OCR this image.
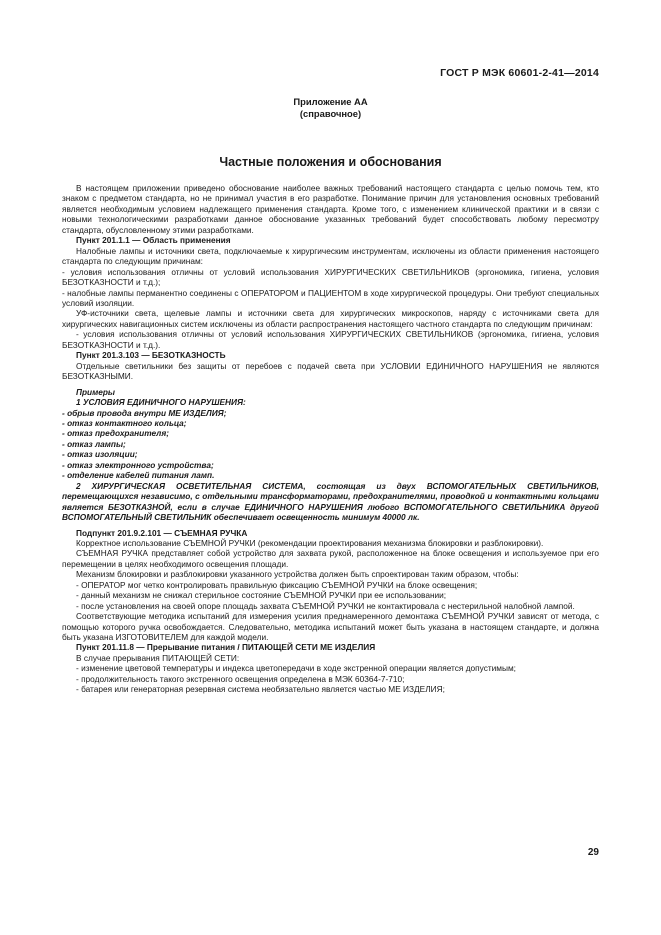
ГОСТ Р МЭК 60601-2-41—2014
Приложение АА
(справочное)
Частные положения и обоснования

В настоящем приложении приведено обоснование наиболее важных требований настоящего стандарта с целью помочь тем, кто знаком с предметом стандарта, но не принимал участия в его разработке. Понимание причин для установления основных требований является необходимым условием надлежащего применения стандарта. Кроме того, с изменением клинической практики и в связи с новыми технологическими разработками данное обоснование указанных требований будет способствовать любому пересмотру стандарта, обусловленному этими разработками.

Пункт 201.1.1 — Область применения

Налобные лампы и источники света, подключаемые к хирургическим инструментам, исключены из области применения настоящего стандарта по следующим причинам:

- условия использования отличны от условий использования ХИРУРГИЧЕСКИХ СВЕТИЛЬНИКОВ (эргономика, гигиена, условия БЕЗОТКАЗНОСТИ и т.д.);

- налобные лампы перманентно соединены с ОПЕРАТОРОМ и ПАЦИЕНТОМ в ходе хирургической процедуры. Они требуют специальных условий изоляции.

УФ-источники света, щелевые лампы и источники света для хирургических микроскопов, наряду с источниками света для хирургических навигационных систем исключены из области распространения настоящего частного стандарта по следующим причинам:

- условия использования отличны от условий использования ХИРУРГИЧЕСКИХ СВЕТИЛЬНИКОВ (эргономика, гигиена, условия БЕЗОТКАЗНОСТИ и т.д.).

Пункт 201.3.103 — БЕЗОТКАЗНОСТЬ

Отдельные светильники без защиты от перебоев с подачей света при УСЛОВИИ ЕДИНИЧНОГО НАРУШЕНИЯ не являются БЕЗОТКАЗНЫМИ.

Примеры

1 УСЛОВИЯ ЕДИНИЧНОГО НАРУШЕНИЯ:

- обрыв провода внутри МЕ ИЗДЕЛИЯ;

- отказ контактного кольца;

- отказ предохранителя;

- отказ лампы;

- отказ изоляции;

- отказ электронного устройства;

- отделение кабелей питания ламп.

2 ХИРУРГИЧЕСКАЯ ОСВЕТИТЕЛЬНАЯ СИСТЕМА, состоящая из двух ВСПОМОГАТЕЛЬНЫХ СВЕТИЛЬНИКОВ, перемещающихся независимо, с отдельными трансформаторами, предохранителями, проводкой и контактными кольцами является БЕЗОТКАЗНОЙ, если в случае ЕДИНИЧНОГО НАРУШЕНИЯ любого ВСПОМОГАТЕЛЬНОГО СВЕТИЛЬНИКА другой ВСПОМОГАТЕЛЬНЫЙ СВЕТИЛЬНИК обеспечивает освещенность минимум 40000 лк.

Подпункт 201.9.2.101 — СЪЕМНАЯ РУЧКА

Корректное использование СЪЕМНОЙ РУЧКИ (рекомендации проектирования механизма блокировки и разблокировки).

СЪЕМНАЯ РУЧКА представляет собой устройство для захвата рукой, расположенное на блоке освещения и используемое при его перемещении в целях необходимого освещения площади.

Механизм блокировки и разблокировки указанного устройства должен быть спроектирован таким образом, чтобы:

- ОПЕРАТОР мог четко контролировать правильную фиксацию СЪЕМНОЙ РУЧКИ на блоке освещения;

- данный механизм не снижал стерильное состояние СЪЕМНОЙ РУЧКИ при ее использовании;

- после установления на своей опоре площадь захвата СЪЕМНОЙ РУЧКИ не контактировала с нестерильной налобной лампой.

Соответствующие методика испытаний для измерения усилия преднамеренного демонтажа СЪЕМНОЙ РУЧКИ зависят от метода, с помощью которого ручка освобождается. Следовательно, методика испытаний может быть указана в настоящем стандарте, и должна быть указана ИЗГОТОВИТЕЛЕМ для каждой модели.

Пункт 201.11.8 — Прерывание питания / ПИТАЮЩЕЙ СЕТИ МЕ ИЗДЕЛИЯ

В случае прерывания ПИТАЮЩЕЙ СЕТИ:

- изменение цветовой температуры и индекса цветопередачи в ходе экстренной операции является допустимым;

- продолжительность такого экстренного освещения определена в МЭК 60364-7-710;

- батарея или генераторная резервная система необязательно является частью МЕ ИЗДЕЛИЯ;

29
